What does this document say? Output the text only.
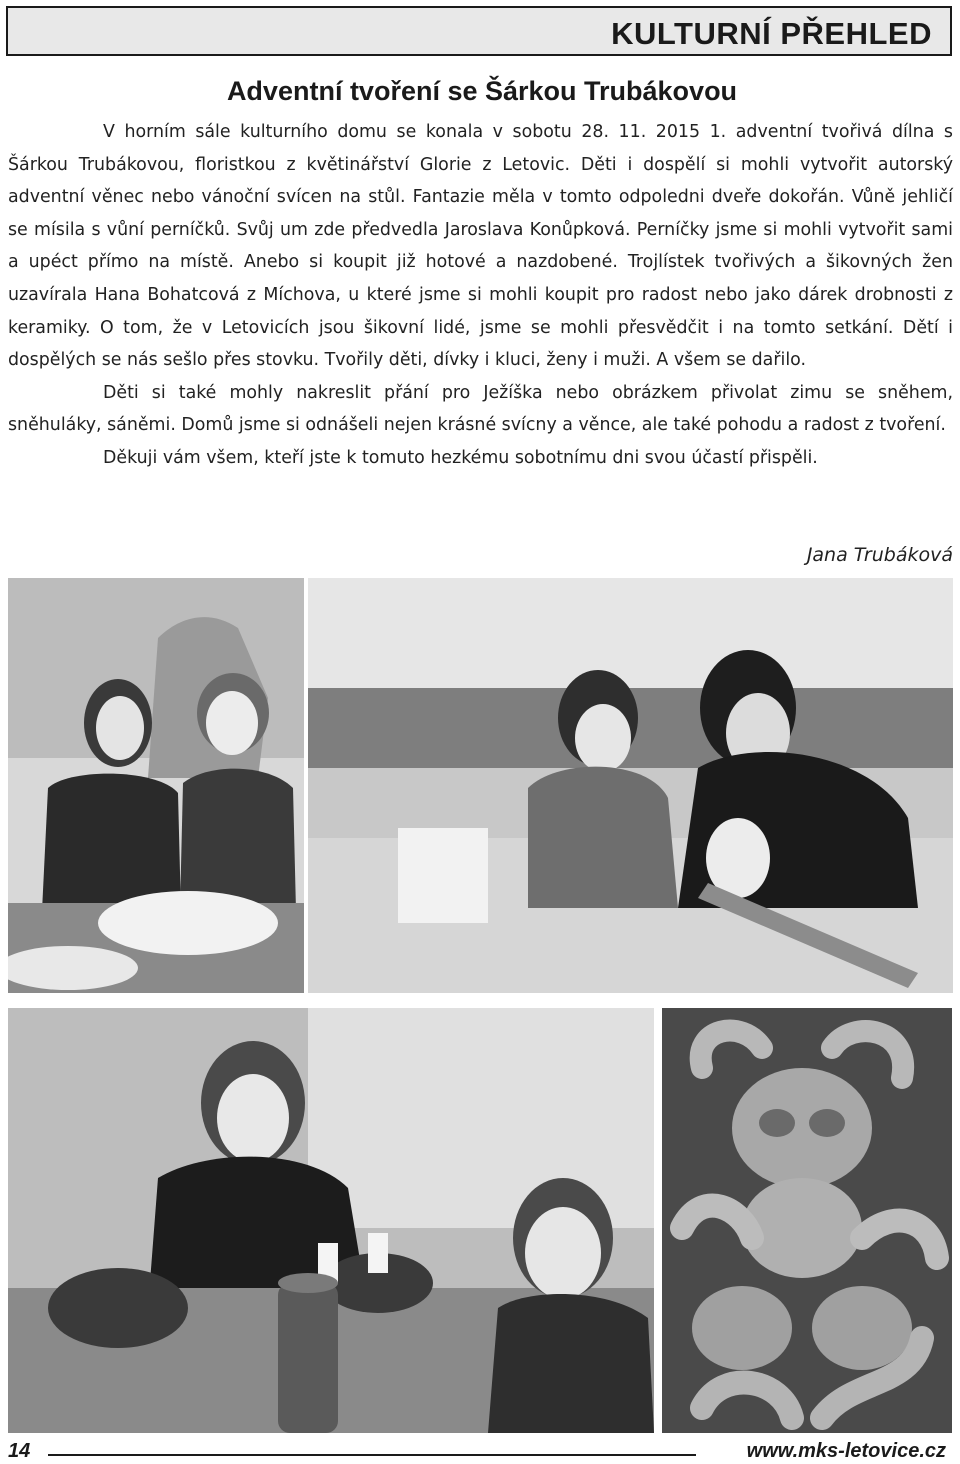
KULTURNÍ PŘEHLED
Adventní tvoření se Šárkou Trubákovou

V horním sále kulturního domu se konala v sobotu 28. 11. 2015 1. adventní tvořivá dílna s Šárkou Trubákovou, floristkou z květinářství Glorie z Letovic. Děti i dospělí si mohli vytvořit autorský adventní věnec nebo vánoční svícen na stůl. Fantazie měla v tomto odpoledni dveře dokořán. Vůně jehličí se mísila s vůní perníčků. Svůj um zde předvedla Jaroslava Konůpková. Perníčky jsme si mohli vytvořit sami a upéct přímo na místě. Anebo si koupit již hotové a nazdobené. Trojlístek tvořivých a šikovných žen uzavírala Hana Bohatcová z Míchova, u které jsme si mohli koupit pro radost nebo jako dárek drobnosti z keramiky. O tom, že v Letovicích jsou šikovní lidé, jsme se mohli přesvědčit i na tomto setkání. Dětí i dospělých se nás sešlo přes stovku. Tvořily děti, dívky i kluci, ženy i muži. A všem se dařilo.

Děti si také mohly nakreslit přání pro Ježíška nebo obrázkem přivolat zimu se sněhem, sněhuláky, sáněmi. Domů jsme si odnášeli nejen krásné svícny a věnce, ale také pohodu a radost z tvoření.

Děkuji vám všem, kteří jste k tomuto hezkému sobotnímu dni svou účastí přispěli.

Jana Trubáková
14	www.mks-letovice.cz
